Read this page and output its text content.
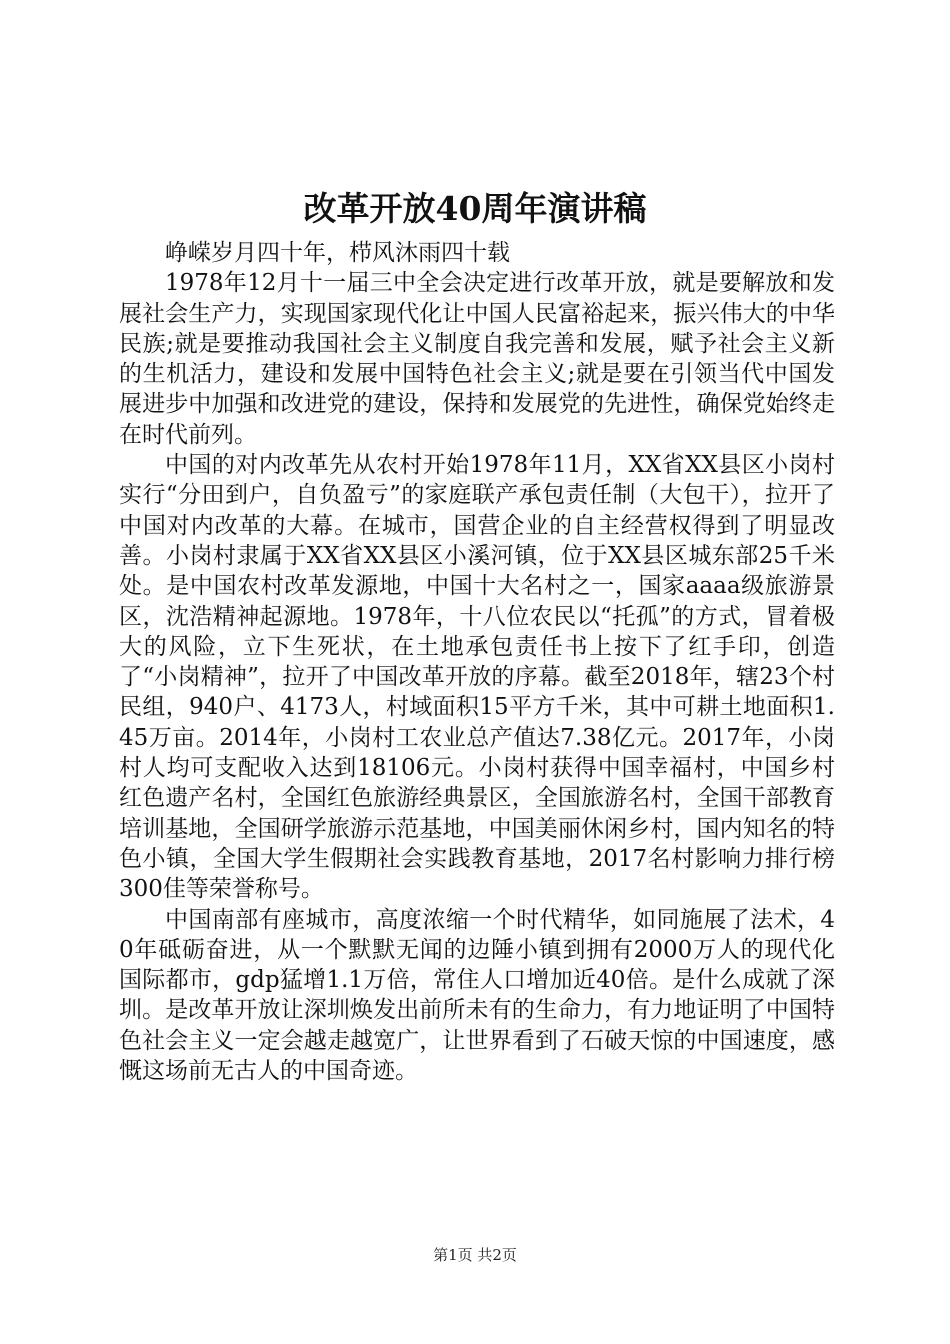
改革开放40周年演讲稿

峥嵘岁月四十年，栉风沐雨四十载

1978年12月十一届三中全会决定进行改革开放，就是要解放和发展社会生产力，实现国家现代化让中国人民富裕起来，振兴伟大的中华民族;就是要推动我国社会主义制度自我完善和发展，赋予社会主义新的生机活力，建设和发展中国特色社会主义;就是要在引领当代中国发展进步中加强和改进党的建设，保持和发展党的先进性，确保党始终走在时代前列。

中国的对内改革先从农村开始1978年11月，XX省XX县区小岗村实行“分田到户，自负盈亏”的家庭联产承包责任制（大包干），拉开了中国对内改革的大幕。在城市，国营企业的自主经营权得到了明显改善。小岗村隶属于XX省XX县区小溪河镇，位于XX县区城东部25千米处。是中国农村改革发源地，中国十大名村之一，国家aaaa级旅游景区，沈浩精神起源地。1978年，十八位农民以“托孤”的方式，冒着极大的风险，立下生死状，在土地承包责任书上按下了红手印，创造了“小岗精神”，拉开了中国改革开放的序幕。截至2018年，辖23个村民组，940户、4173人，村域面积15平方千米，其中可耕土地面积1.45万亩。2014年，小岗村工农业总产值达7.38亿元。2017年，小岗村人均可支配收入达到18106元。小岗村获得中国幸福村，中国乡村红色遗产名村，全国红色旅游经典景区，全国旅游名村，全国干部教育培训基地，全国研学旅游示范基地，中国美丽休闲乡村，国内知名的特色小镇，全国大学生假期社会实践教育基地，2017名村影响力排行榜300佳等荣誉称号。

中国南部有座城市，高度浓缩一个时代精华，如同施展了法术，40年砥砺奋进，从一个默默无闻的边陲小镇到拥有2000万人的现代化国际都市，gdp猛增1.1万倍，常住人口增加近40倍。是什么成就了深圳。是改革开放让深圳焕发出前所未有的生命力，有力地证明了中国特色社会主义一定会越走越宽广，让世界看到了石破天惊的中国速度，感慨这场前无古人的中国奇迹。

第1页 共2页
